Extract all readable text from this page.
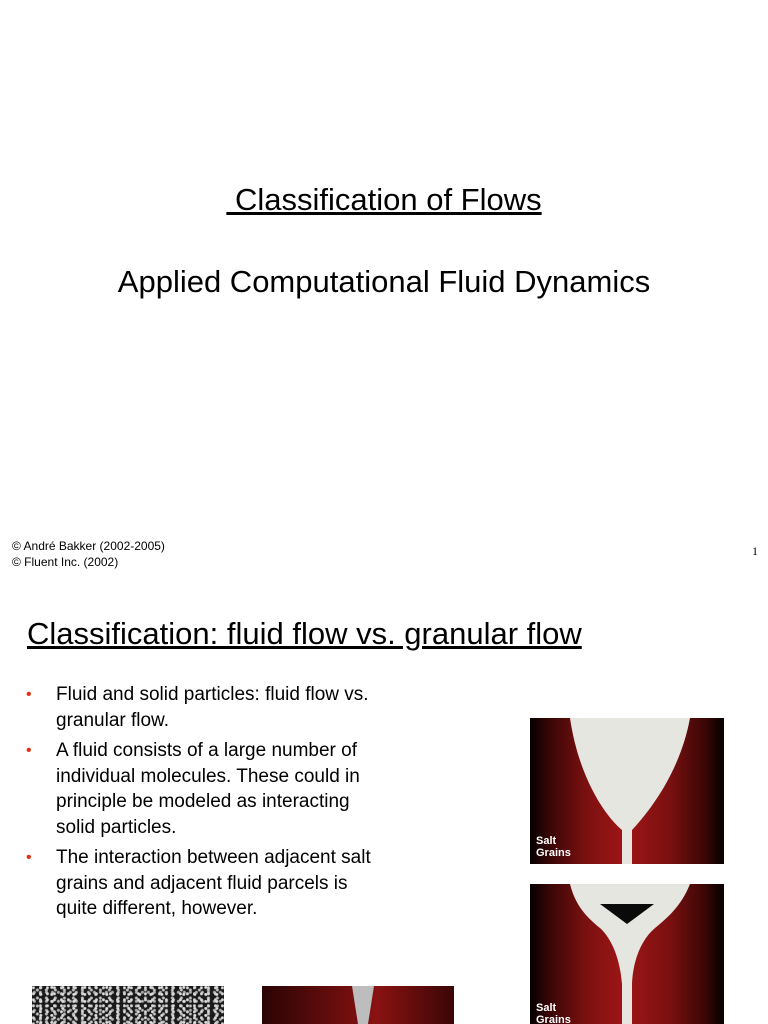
Classification of Flows
Applied Computational Fluid Dynamics
© André Bakker (2002-2005)
© Fluent Inc. (2002)
1
Classification: fluid flow vs. granular flow
• Fluid and solid particles: fluid flow vs. granular flow.
• A fluid consists of a large number of individual molecules. These could in principle be modeled as interacting solid particles.
• The interaction between adjacent salt grains and adjacent fluid parcels is quite different, however.
Salt
Grains
Salt
Grains
